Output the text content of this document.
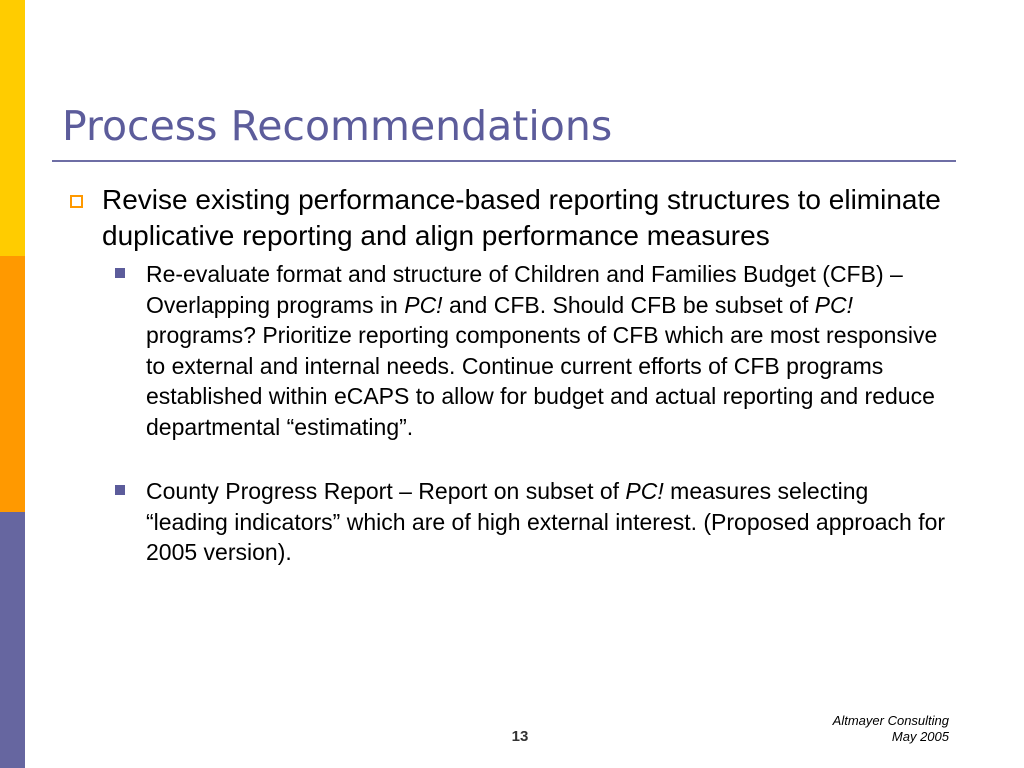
Process Recommendations
Revise existing performance-based reporting structures to eliminate duplicative reporting and align performance measures
Re-evaluate format and structure of Children and Families Budget (CFB) – Overlapping programs in PC! and CFB. Should CFB be subset of PC! programs? Prioritize reporting components of CFB which are most responsive to external and internal needs. Continue current efforts of CFB programs established within eCAPS to allow for budget and actual reporting and reduce departmental “estimating”.
County Progress Report – Report on subset of PC! measures selecting “leading indicators” which are of high external interest. (Proposed approach for 2005 version).
13
Altmayer Consulting
May 2005
